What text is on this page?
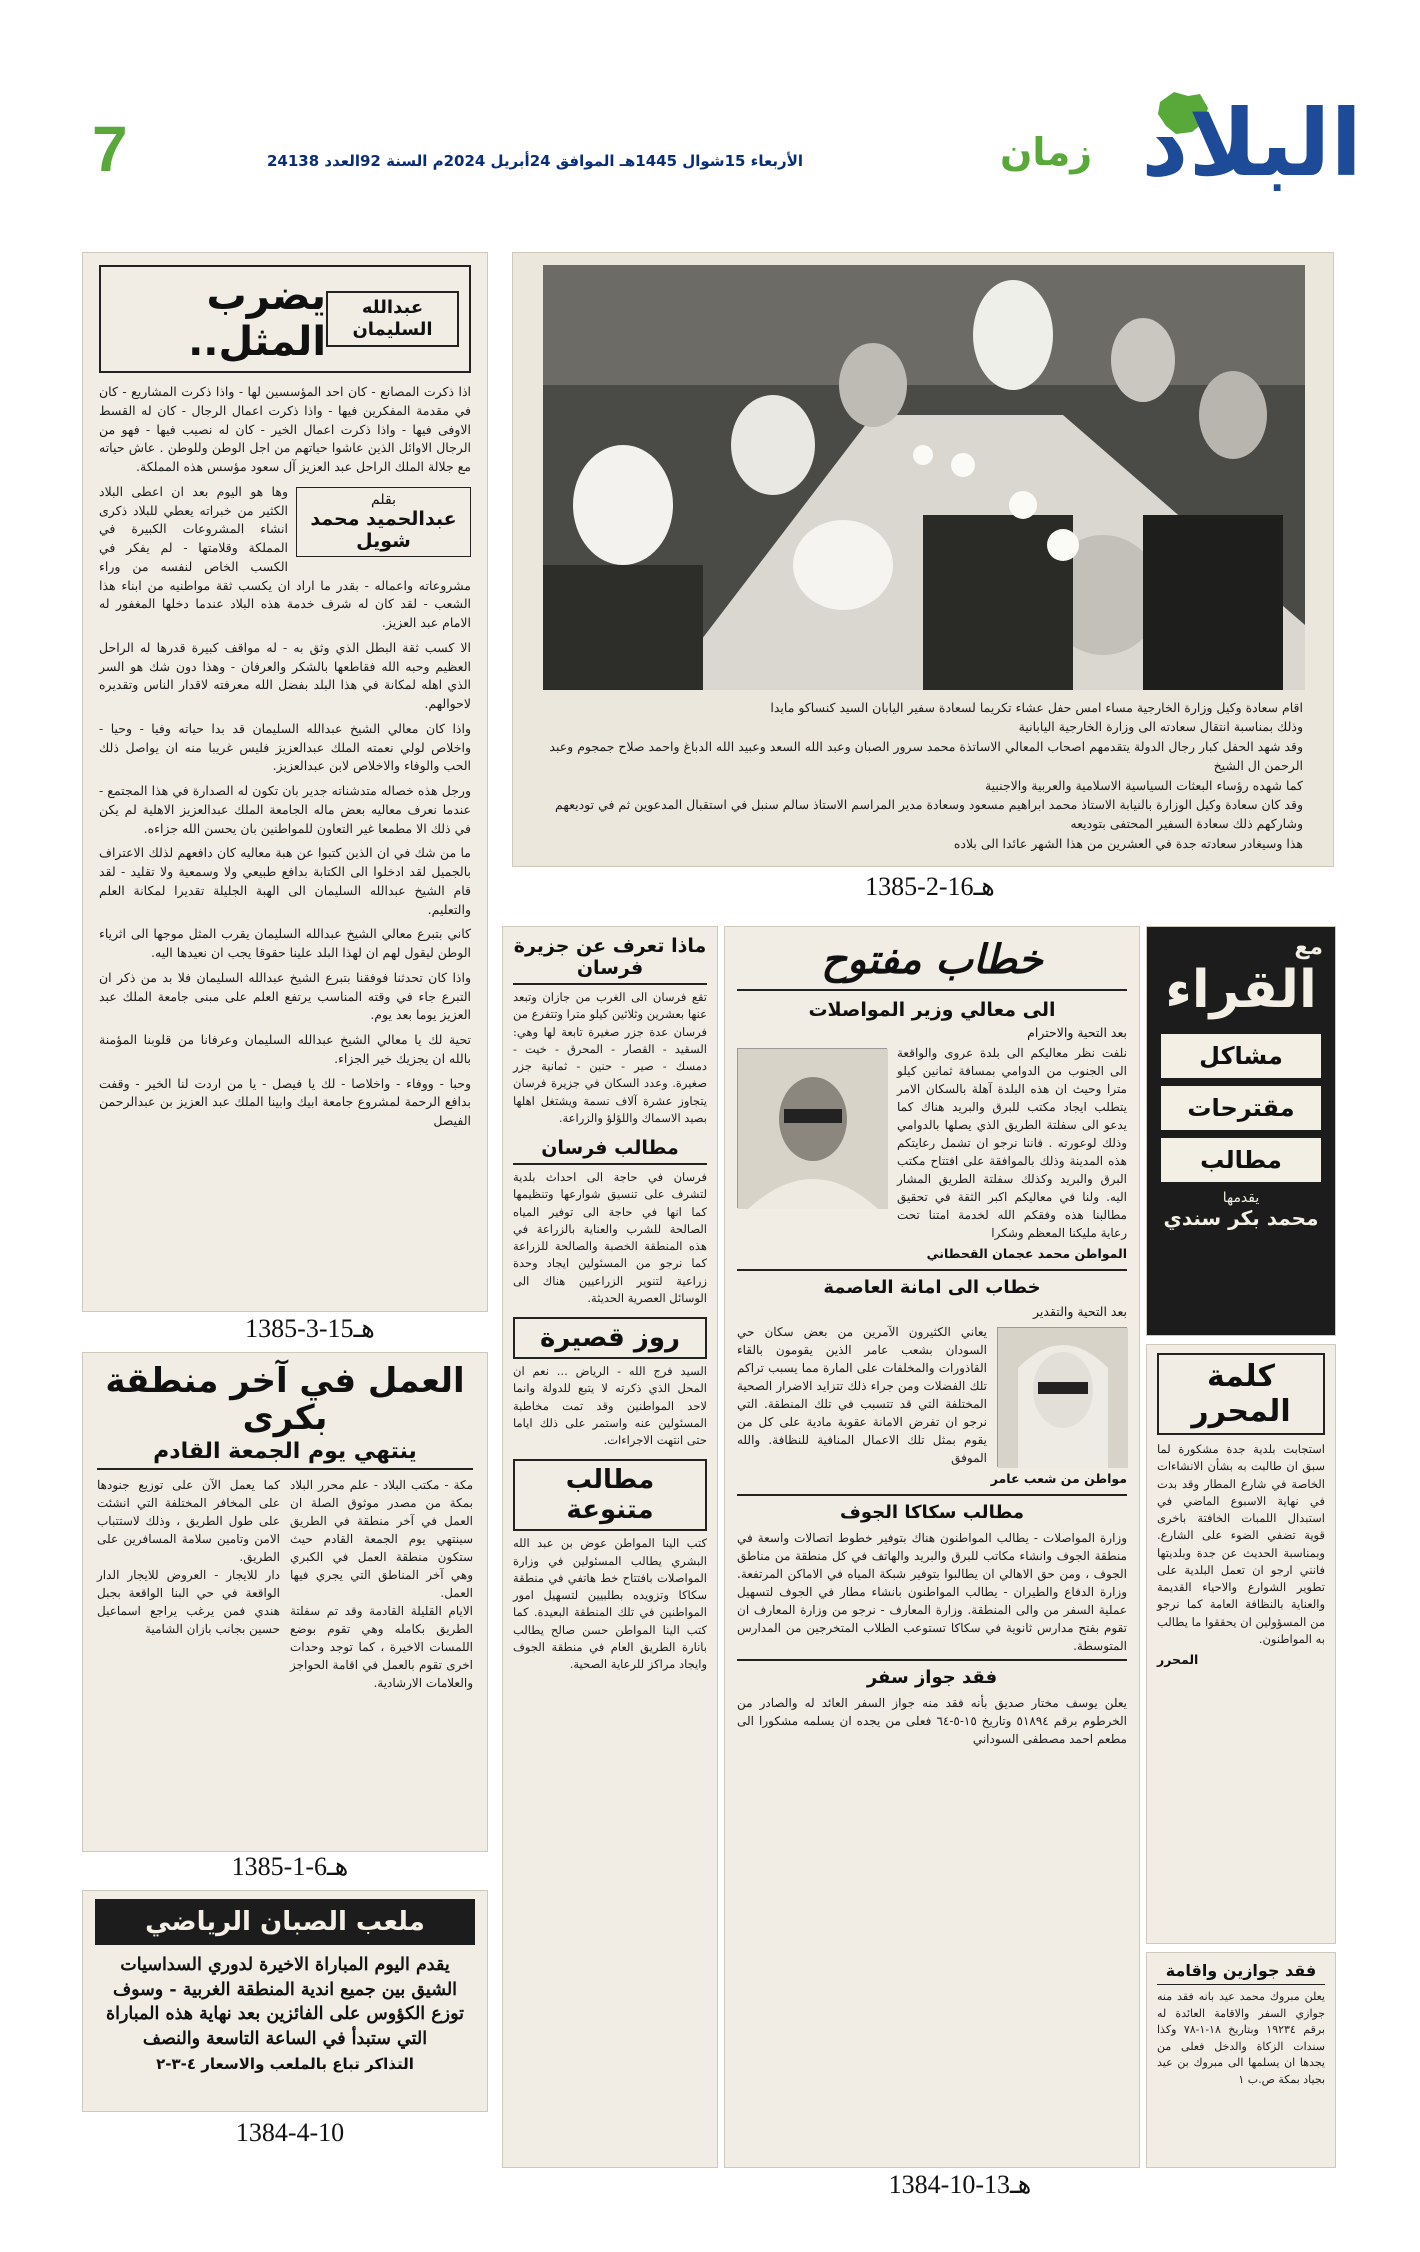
7	الأربعاء 15شوال 1445هـ الموافق 24أبريل 2024م السنة 92العدد 24138	زمان البلاد
يضرب المثل..
عبدالله السليمان

اذا ذكرت المصانع - كان احد المؤسسين لها - واذا ذكرت المشاريع - كان في مقدمة المفكرين فيها - واذا ذكرت اعمال الرجال - كان له القسط الاوفى فيها - واذا ذكرت اعمال الخير - كان له نصيب فيها - فهو من الرجال الاوائل الذين عاشوا حياتهم من اجل الوطن وللوطن . عاش حياته مع جلالة الملك الراحل عبد العزيز آل سعود مؤسس هذه المملكة.

بقلم
عبدالحميد محمد شويل

وها هو اليوم بعد ان اعطى البلاد الكثير من خبراته يعطي للبلاد ذكرى انشاء المشروعات الكبيرة في المملكة وقلامتها - لم يفكر في الكسب الخاص لنفسه من وراء مشروعاته واعماله - بقدر ما اراد ان يكسب ثقة مواطنيه من ابناء هذا الشعب - لقد كان له شرف خدمة هذه البلاد عندما دخلها المغفور له الامام عبد العزيز.

الا كسب ثقة البطل الذي وثق به - له مواقف كبيرة قدرها له الراحل العظيم وحبه الله فقاطعها بالشكر والعرفان - وهذا دون شك هو السر الذي اهله لمكانة في هذا البلد بفضل الله معرفته لاقدار الناس وتقديره لاحوالهم.

واذا كان معالي الشيخ عبدالله السليمان قد بدا حياته وفيا - وحيا - واخلاص لولي نعمته الملك عبدالعزيز فليس غريبا منه ان يواصل ذلك الحب والوفاء والاخلاص لابن عبدالعزيز.

ورجل هذه خصاله متدشناته جدير بان تكون له الصدارة في هذا المجتمع - عندما نعرف معاليه بعض ماله الجامعة الملك عبدالعزيز الاهلية لم يكن في ذلك الا مطمعا غير التعاون للمواطنين بان يحسن الله جزاءه.

ما من شك في ان الذين كتبوا عن هبة معاليه كان دافعهم لذلك الاعتراف بالجميل لقد ادخلوا الى الكتابة بدافع طبيعي ولا وسمعية ولا تقليد - لقد قام الشيخ عبدالله السليمان الى الهبة الجليلة تقديرا لمكانة العلم والتعليم.

كاني بتبرع معالي الشيخ عبدالله السليمان يقرب المثل موجها الى اثرياء الوطن ليقول لهم ان لهذا البلد علينا حقوقا يجب ان نعيدها اليه.

واذا كان تحدثنا فوفقنا بتبرع الشيخ عبدالله السليمان فلا بد من ذكر ان التبرع جاء في وقته المناسب يرتفع العلم على مبنى جامعة الملك عبد العزيز يوما بعد يوم.

تحية لك يا معالي الشيخ عبدالله السليمان وعرفانا من قلوبنا المؤمنة بالله ان يجزيك خير الجزاء.

وحبا - ووفاء - واخلاصا - لك يا فيصل - يا من اردت لنا الخير - وقفت بدافع الرحمة لمشروع جامعة ابيك وابينا الملك عبد العزيز بن عبدالرحمن الفيصل

1385-3-15هـ
اقام سعادة وكيل وزارة الخارجية مساء امس حفل عشاء تكريما لسعادة سفير اليابان السيد كنساكو مايدا
وذلك بمناسبة انتقال سعادته الى وزارة الخارجية اليابانية
وقد شهد الحفل كبار رجال الدولة يتقدمهم اصحاب المعالي الاساتذة محمد سرور الصبان وعبد الله السعد وعبيد الله الدباغ واحمد صلاح جمجوم وعبد الرحمن ال الشيخ
كما شهده رؤساء البعثات السياسية الاسلامية والعربية والاجنبية
وقد كان سعادة وكيل الوزارة بالنيابة الاستاذ محمد ابراهيم مسعود وسعادة مدير المراسم الاستاذ سالم سنبل في استقبال المدعوين ثم في توديعهم وشاركهم ذلك سعادة السفير المحتفى بتوديعه
هذا وسيغادر سعادته جدة في العشرين من هذا الشهر عائدا الى بلاده
1385-2-16هـ
العمل في آخر منطقة بكرى
ينتهي يوم الجمعة القادم

مكة - مكتب البلاد - علم محرر البلاد بمكة من مصدر موثوق الصلة ان العمل في آخر منطقة في الطريق سينتهي يوم الجمعة القادم حيث ستكون منطقة العمل في الكبري وهي آخر المناطق التي يجري فيها العمل.

الايام القليلة القادمة وقد تم سفلتة الطريق بكامله وهي تقوم بوضع اللمسات الاخيرة ، كما توجد وحدات اخرى تقوم بالعمل في اقامة الحواجز والعلامات الارشادية.

كما يعمل الآن على توزيع جنودها على المخافر المختلفة التي انشئت على طول الطريق ، وذلك لاستتباب الامن وتامين سلامة المسافرين على الطريق.

دار للايجار - العروض للايجار الدار الواقعة في حي البنا الواقعة بجبل هندي فمن يرغب يراجع اسماعيل حسين بجانب بازان الشامية

1385-1-6هـ
ملعب الصبان الرياضي
يقدم اليوم المباراة الاخيرة لدوري السداسيات الشيق بين جميع اندية المنطقة الغربية - وسوف توزع الكؤوس على الفائزين بعد نهاية هذه المباراة التي ستبدأ في الساعة التاسعة والنصف
التذاكر تباع بالملعب والاسعار ٤-٣-٢
1384-4-10
ماذا تعرف عن جزيرة فرسان

تقع فرسان الى الغرب من جازان وتبعد عنها بعشرين وثلاثين كيلو مترا وتتفرع من فرسان عدة جزر صغيرة تابعة لها وهي: السقيد - القصار - المحرق - خيت - دمسك - صير - حنين - ثمانية جزر صغيرة. وعدد السكان في جزيرة فرسان يتجاوز عشرة آلاف نسمة ويشتغل اهلها بصيد الاسماك واللؤلؤ والزراعة.

مطالب فرسان

فرسان في حاجة الى احداث بلدية لتشرف على تنسيق شوارعها وتنظيمها كما انها في حاجة الى توفير المياه الصالحة للشرب والعناية بالزراعة في هذه المنطقة الخصبة والصالحة للزراعة كما نرجو من المسئولين ايجاد وحدة زراعية لتنوير الزراعيين هناك الى الوسائل العصرية الحديثة.

روز قصيرة

السيد فرج الله - الرياض ... نعم ان المحل الذي ذكرته لا يتبع للدولة وانما لاحد المواطنين وقد تمت مخاطبة المسئولين عنه واستمر على ذلك اياما حتى انتهت الاجراءات.

مطالب متنوعة

كتب الينا المواطن عوض بن عبد الله البشري يطالب المسئولين في وزارة المواصلات بافتتاح خط هاتفي في منطقة سكاكا وتزويده بطلبيين لتسهيل امور المواطنين في تلك المنطقة البعيدة. كما كتب الينا المواطن حسن صالح يطالب بانارة الطريق العام في منطقة الجوف وايجاد مراكز للرعاية الصحية.

خطاب مفتوح
الى معالي وزير المواصلات
بعد التحية والاحترام

نلفت نظر معاليكم الى بلدة عروى والواقعة الى الجنوب من الدوامي بمسافة ثمانين كيلو مترا وحيث ان هذه البلدة آهلة بالسكان الامر يتطلب ايجاد مكتب للبرق والبريد هناك كما يدعو الى سفلتة الطريق الذي يصلها بالدوامي وذلك لوعورته . فاننا نرجو ان تشمل رعايتكم هذه المدينة وذلك بالموافقة على افتتاح مكتب البرق والبريد وكذلك سفلتة الطريق المشار اليه. ولنا في معاليكم اكبر الثقة في تحقيق مطالبنا هذه وفقكم الله لخدمة امتنا تحت رعاية مليكنا المعظم وشكرا

المواطن محمد عجمان القحطاني
خطاب الى امانة العاصمة
بعد التحية والتقدير

يعاني الكثيرون الآمرين من بعض سكان حي السودان بشعب عامر الذين يقومون بالقاء القاذورات والمخلفات على المارة مما يسبب تراكم تلك الفضلات ومن جراء ذلك تتزايد الاضرار الصحية المختلفة التي قد تتسبب في تلك المنطقة. التي نرجو ان تفرض الامانة عقوبة مادية على كل من يقوم بمثل تلك الاعمال المنافية للنظافة. والله الموفق

مواطن من شعب عامر
مطالب سكاكا الجوف

وزارة المواصلات - يطالب المواطنون هناك بتوفير خطوط اتصالات واسعة في منطقة الجوف وانشاء مكاتب للبرق والبريد والهاتف في كل منطقة من مناطق الجوف ، ومن حق الاهالي ان يطالبوا بتوفير شبكة المياه في الاماكن المرتفعة. وزارة الدفاع والطيران - يطالب المواطنون بانشاء مطار في الجوف لتسهيل عملية السفر من والى المنطقة. وزارة المعارف - نرجو من وزارة المعارف ان تقوم بفتح مدارس ثانوية في سكاكا تستوعب الطلاب المتخرجين من المدارس المتوسطة.

فقد جواز سفر

يعلن يوسف مختار صديق بأنه فقد منه جواز السفر العائد له والصادر من الخرطوم برقم ٥١٨٩٤ وتاريخ ١٥-٥-٦٤ فعلى من يجده ان يسلمه مشكورا الى مطعم احمد مصطفى السوداني

1384-10-13هـ
مع
القراء
مشاكل
مقترحات
مطالب
يقدمها
محمد بكر سندي
كلمة المحرر

استجابت بلدية جدة مشكورة لما سبق ان طالبت به بشأن الانشاءات الخاصة في شارع المطار وقد بدت في نهاية الاسبوع الماضي في استبدال اللمبات الخافتة باخرى قوية تضفي الضوء على الشارع. وبمناسبة الحديث عن جدة وبلديتها فانني ارجو ان تعمل البلدية على تطوير الشوارع والاحياء القديمة والعناية بالنظافة العامة كما نرجو من المسؤولين ان يحققوا ما يطالب به المواطنون.

المحرر
فقد جوازين واقامة

يعلن مبروك محمد عيد بانه فقد منه جوازي السفر والاقامة العائدة له برقم ١٩٢٣٤ وبتاريخ ١٨-١-٧٨ وكذا سندات الزكاة والدخل فعلى من يجدها ان يسلمها الى مبروك بن عيد بجياد بمكة ص.ب ١
